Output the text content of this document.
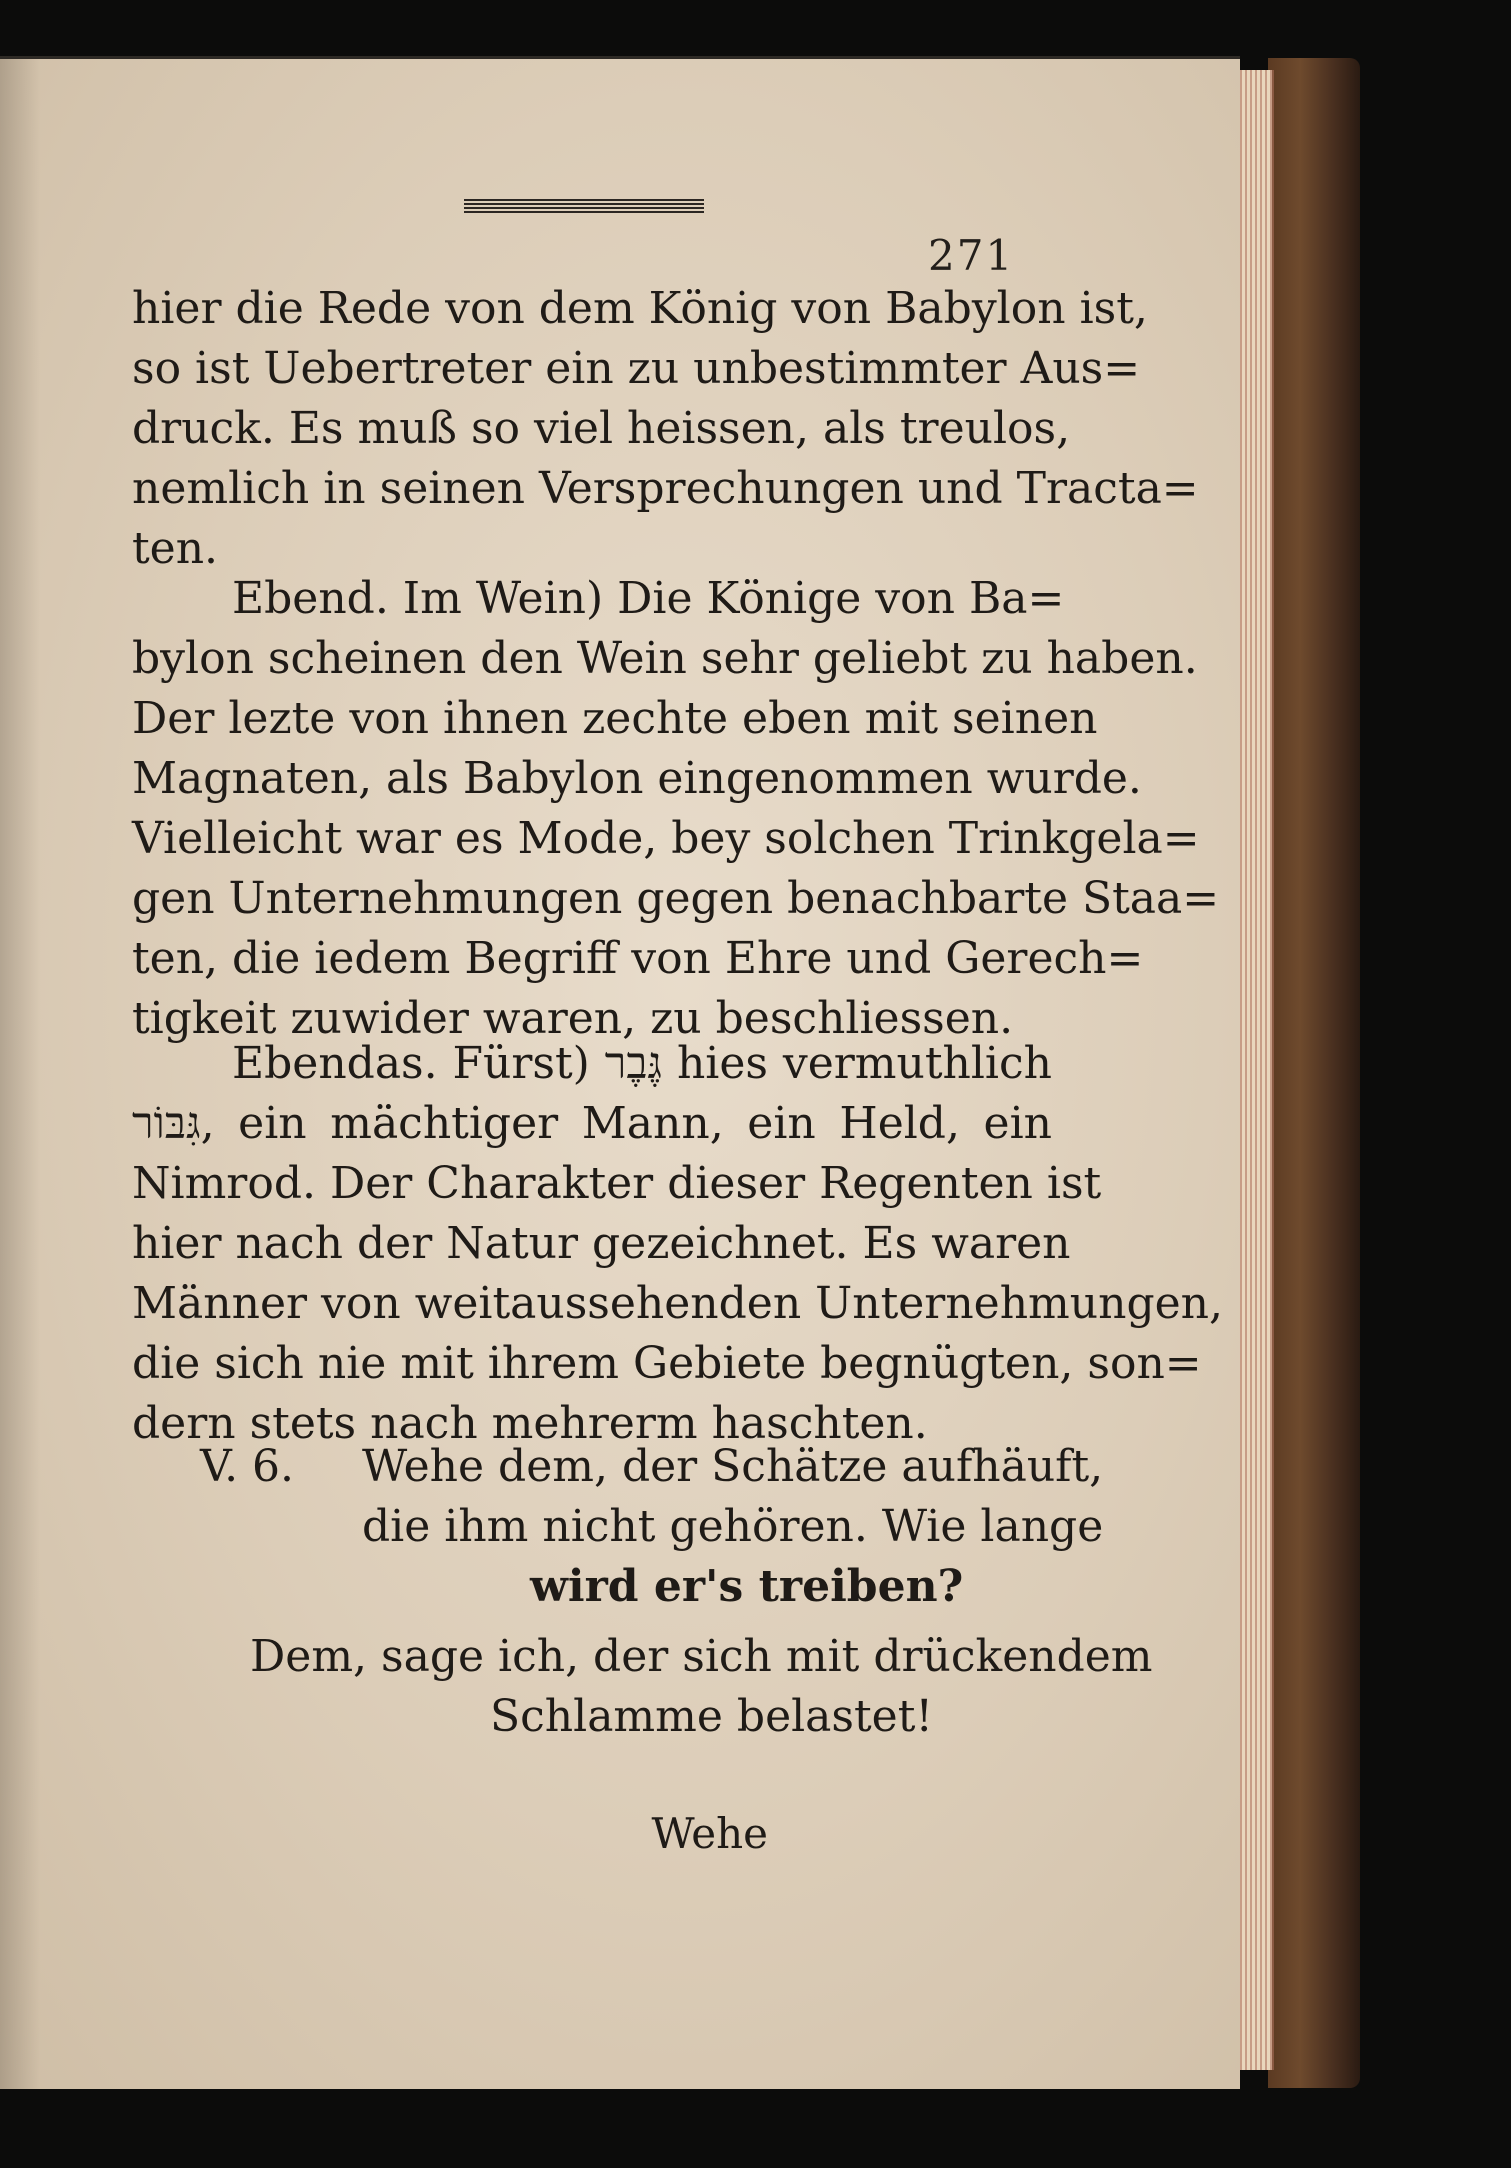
271
hier die Rede von dem König von Babylon ist,
so ist Uebertreter ein zu unbestimmter Aus=
druck. Es muß so viel heissen, als treulos,
nemlich in seinen Versprechungen und Tracta=
ten.
Ebend. Im Wein) Die Könige von Ba=
bylon scheinen den Wein sehr geliebt zu haben.
Der lezte von ihnen zechte eben mit seinen
Magnaten, als Babylon eingenommen wurde.
Vielleicht war es Mode, bey solchen Trinkgela=
gen Unternehmungen gegen benachbarte Staa=
ten, die iedem Begriff von Ehre und Gerech=
tigkeit zuwider waren, zu beschliessen.
Ebendas. Fürst) גֶּבֶר hies vermuthlich
גִּבּוֹר, ein mächtiger Mann, ein Held, ein
Nimrod. Der Charakter dieser Regenten ist
hier nach der Natur gezeichnet. Es waren
Männer von weitaussehenden Unternehmungen,
die sich nie mit ihrem Gebiete begnügten, son=
dern stets nach mehrerm haschten.
V. 6. Wehe dem, der Schätze aufhäuft,
die ihm nicht gehören. Wie lange
wird er's treiben?
Dem, sage ich, der sich mit drückendem
Schlamme belastet!
Wehe
